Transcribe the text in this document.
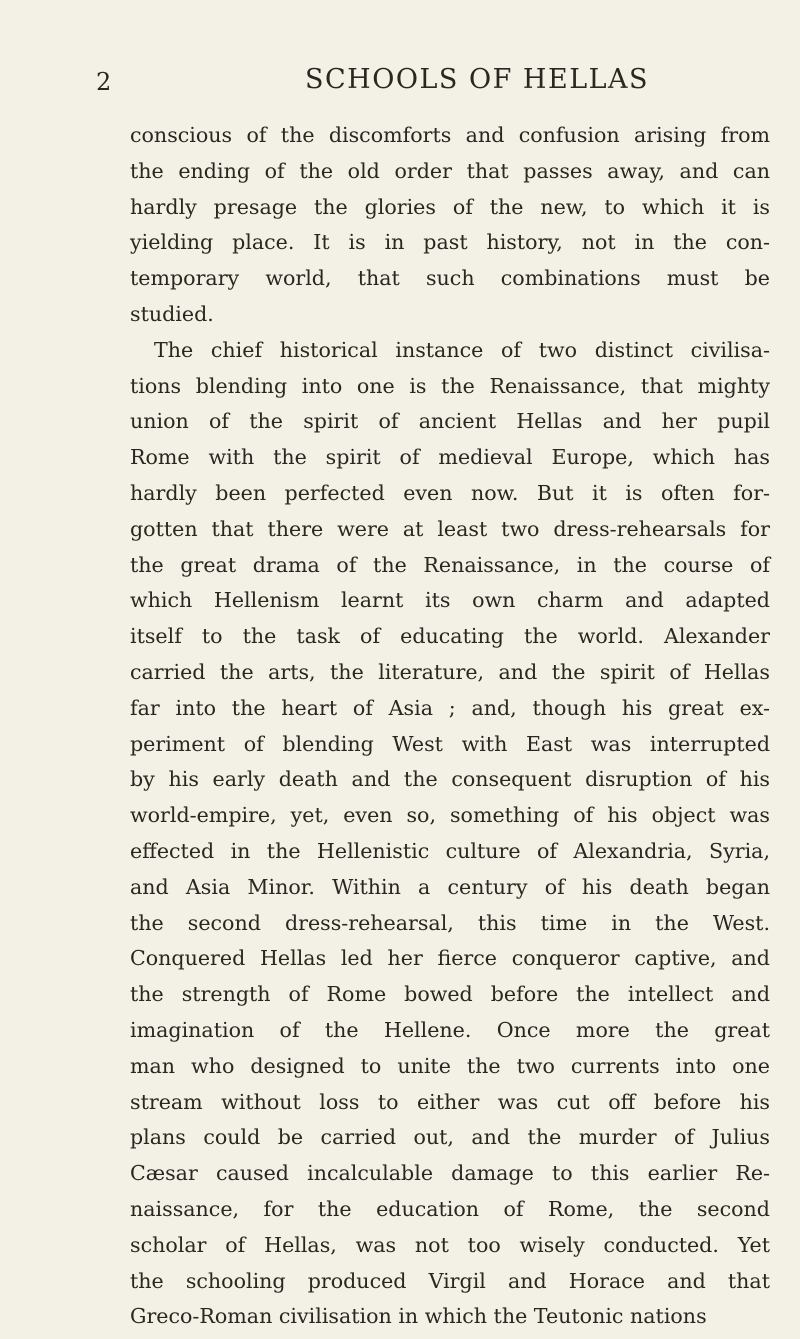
2	SCHOOLS OF HELLAS
conscious of the discomforts and confusion arising from
the ending of the old order that passes away, and can
hardly presage the glories of the new, to which it is
yielding place. It is in past history, not in the con-
temporary world, that such combinations must be
studied.
The chief historical instance of two distinct civilisa-
tions blending into one is the Renaissance, that mighty
union of the spirit of ancient Hellas and her pupil
Rome with the spirit of medieval Europe, which has
hardly been perfected even now. But it is often for-
gotten that there were at least two dress-rehearsals for
the great drama of the Renaissance, in the course of
which Hellenism learnt its own charm and adapted
itself to the task of educating the world. Alexander
carried the arts, the literature, and the spirit of Hellas
far into the heart of Asia ; and, though his great ex-
periment of blending West with East was interrupted
by his early death and the consequent disruption of his
world-empire, yet, even so, something of his object was
effected in the Hellenistic culture of Alexandria, Syria,
and Asia Minor. Within a century of his death began
the second dress-rehearsal, this time in the West.
Conquered Hellas led her fierce conqueror captive, and
the strength of Rome bowed before the intellect and
imagination of the Hellene. Once more the great
man who designed to unite the two currents into one
stream without loss to either was cut off before his
plans could be carried out, and the murder of Julius
Cæsar caused incalculable damage to this earlier Re-
naissance, for the education of Rome, the second
scholar of Hellas, was not too wisely conducted. Yet
the schooling produced Virgil and Horace and that
Greco-Roman civilisation in which the Teutonic nations
